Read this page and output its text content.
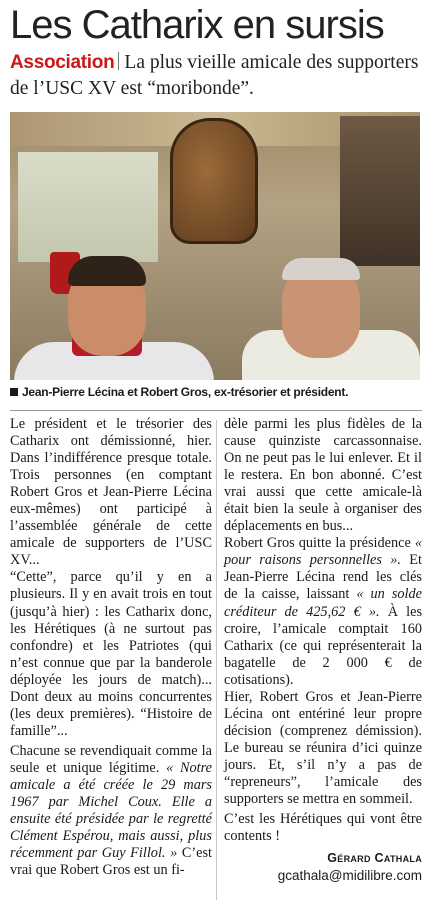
Les Catharix en sursis
Association La plus vieille amicale des supporters de l’USC XV est “moribonde”.
Jean-Pierre Lécina et Robert Gros, ex-trésorier et président.

Le président et le trésorier des Catharix ont démissionné, hier. Dans l’indifférence presque totale. Trois personnes (en comptant Robert Gros et Jean-Pierre Lécina eux-mêmes) ont participé à l’assemblée générale de cette amicale de supporters de l’USC XV...

“Cette”, parce qu’il y en a plusieurs. Il y en avait trois en tout (jusqu’à hier) : les Catharix donc, les Hérétiques (à ne surtout pas confondre) et les Patriotes (qui n’est connue que par la banderole déployée les jours de match)... Dont deux au moins concurrentes (les deux premières). “Histoire de famille”...

Chacune se revendiquait comme la seule et unique légitime. « Notre amicale a été créée le 29 mars 1967 par Michel Coux. Elle a ensuite été présidée par le regretté Clément Espérou, mais aussi, plus récemment par Guy Fillol. » C’est vrai que Robert Gros est un fi-

dèle parmi les plus fidèles de la cause quinziste carcassonnaise. On ne peut pas le lui enlever. Et il le restera. En bon abonné. C’est vrai aussi que cette amicale-là était bien la seule à organiser des déplacements en bus...

Robert Gros quitte la présidence « pour raisons personnelles ». Et Jean-Pierre Lécina rend les clés de la caisse, laissant « un solde créditeur de 425,62 € ». À les croire, l’amicale comptait 160 Catharix (ce qui représenterait la bagatelle de 2 000 € de cotisations).

Hier, Robert Gros et Jean-Pierre Lécina ont entériné leur propre décision (comprenez démission). Le bureau se réunira d’ici quinze jours. Et, s’il n’y a pas de “repreneurs”, l’amicale des supporters se mettra en sommeil.

C’est les Hérétiques qui vont être contents !

Gérard Cathala
gcathala@midilibre.com
